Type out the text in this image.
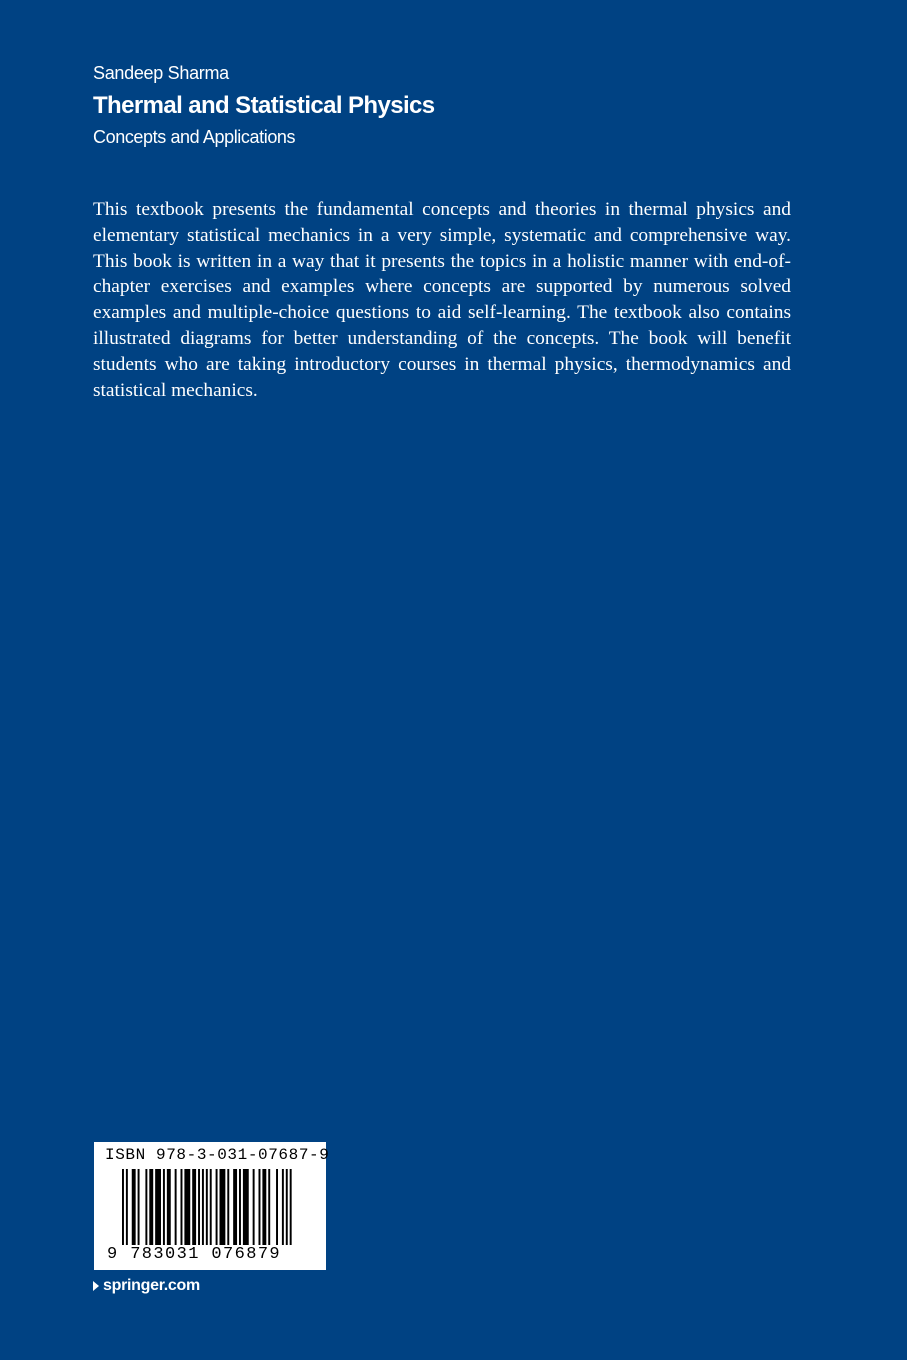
Sandeep Sharma
Thermal and Statistical Physics
Concepts and Applications

This textbook presents the fundamental concepts and theories in thermal physics and elementary statistical mechanics in a very simple, systematic and comprehensive way. This book is written in a way that it presents the topics in a holistic manner with end-of-chapter exercises and examples where concepts are supported by numerous solved examples and multiple-choice questions to aid self-learning. The textbook also contains illustrated diagrams for better understanding of the concepts. The book will benefit students who are taking introductory courses in thermal physics, thermodynamics and statistical mechanics.

ISBN 978-3-031-07687-9
9 783031 076879
springer.com
